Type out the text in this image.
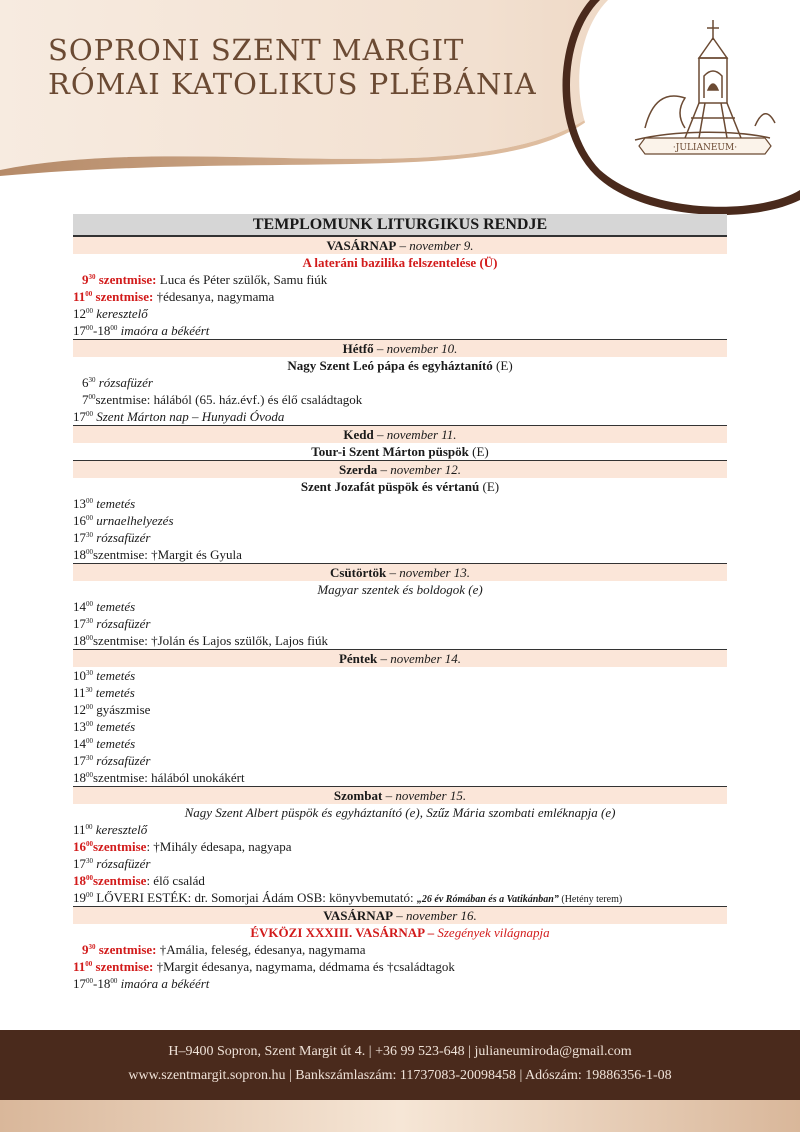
SOPRONI SZENT MARGIT
RÓMAI KATOLIKUS PLÉBÁNIA
·JULIANEUM·
TEMPLOMUNK LITURGIKUS RENDJE
VASÁRNAP – november 9.
A lateráni bazilika felszentelése (Ü)
$9^{30}$ szentmise: Luca és Péter szülők, Samu fiúk
$11^{00}$ szentmise: †édesanya, nagymama
$12^{00}$ keresztelő
$17^{00}-18^{00}$ imaóra a békéért
Hétfő – november 10.
Nagy Szent Leó pápa és egyháztanító (E)
$6^{30}$ rózsafüzér
$7^{00}szentmise$: hálából (65. ház.évf.) és élő családtagok
$17^{00}$ Szent Márton nap – Hunyadi Óvoda
Kedd – november 11.
Tour-i Szent Márton püspök (E)
Szerda – november 12.
Szent Jozafát püspök és vértanú (E)
$13^{00}$ temetés
$16^{00}$ urnaelhelyezés
$17^{30}$ rózsafüzér
$18^{00}szentmise$: †Margit és Gyula
Csütörtök – november 13.
Magyar szentek és boldogok (e)
$14^{00}$ temetés
$17^{30}$ rózsafüzér
$18^{00}szentmise$: †Jolán és Lajos szülők, Lajos fiúk
Péntek – november 14.
$10^{30}$ temetés
$11^{30}$ temetés
$12^{00}$ gyászmise
$13^{00}$ temetés
$14^{00}$ temetés
$17^{30}$ rózsafüzér
$18^{00}szentmise$: hálából unokákért
Szombat – november 15.
Nagy Szent Albert püspök és egyháztanító (e), Szűz Mária szombati emléknapja (e)
$11^{00}$ keresztelő
$16^{00}szentmise$: †Mihály édesapa, nagyapa
$17^{30}$ rózsafüzér
$18^{00}szentmise$: élő család
$19^{00}$ LŐVERI ESTÉK: dr. Somorjai Ádám OSB: könyvbemutató: „26 év Rómában és a Vatikánban” (Hetény terem)
VASÁRNAP – november 16.
ÉVKÖZI XXXIII. VASÁRNAP – Szegények világnapja
$9^{30}$ szentmise: †Amália, feleség, édesanya, nagymama
$11^{00}$ szentmise: †Margit édesanya, nagymama, dédmama és †családtagok
$17^{00}-18^{00}$ imaóra a békéért
H–9400 Sopron, Szent Margit út 4. | +36 99 523-648 | julianeumiroda@gmail.com
www.szentmargit.sopron.hu | Bankszámlaszám: 11737083-20098458 | Adószám: 19886356-1-08
